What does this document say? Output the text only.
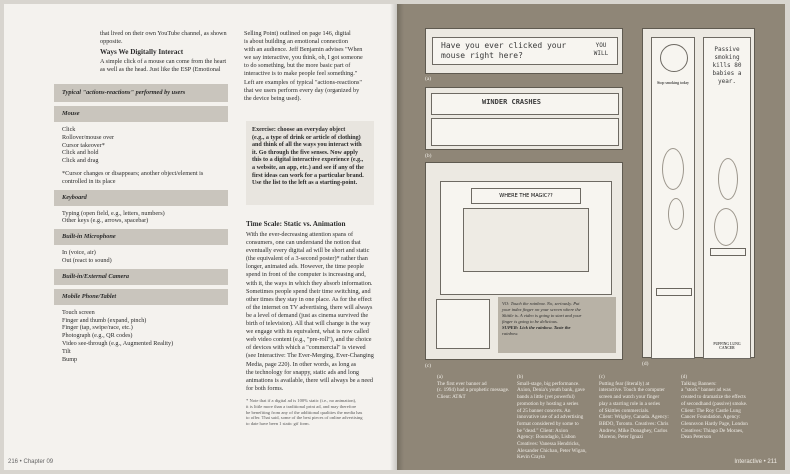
that lived on their own YouTube channel, as shown
opposite.
Ways We Digitally Interact
A simple click of a mouse can come from the heart
as well as the head. Just like the ESP (Emotional
Typical "actions-reactions" performed by users
Mouse
Click
Rollover/mouse over
Cursor takeover*
Click and hold
Click and drag
*Cursor changes or disappears; another object/element is controlled in its place
Keyboard
Typing (open field, e.g., letters, numbers)
Other keys (e.g., arrows, spacebar)
Built-in Microphone
In (voice, air)
Out (react to sound)
Built-in/External Camera
Mobile Phone/Tablet
Touch screen
Finger and thumb (expand, pinch)
Finger (tap, swipe/race, etc.)
Photograph (e.g., QR codes)
Video see-through (e.g., Augmented Reality)
Tilt
Bump
Selling Point) outlined on page 146, digital
is about building an emotional connection
with an audience. Jeff Benjamin advises "When
we say interactive, you think, oh, I got someone
to do something, but the more basic part of
interactive is to make people feel something."
Left are examples of typical "actions-reactions"
that we users perform every day (organized by
the device being used).
Exercise: choose an everyday object
(e.g., a type of drink or article of clothing)
and think of all the ways you interact with
it. Go through the five senses. Now apply
this to a digital interactive experience (e.g.,
a website, an app, etc.) and see if any of the
first ideas can work for a particular brand.
Use the list to the left as a starting-point.
Time Scale: Static vs. Animation
With the ever-decreasing attention spans of
consumers, one can understand the notion that
eventually every digital ad will be short and static
(the equivalent of a 3-second poster)* rather than
longer, animated ads. However, the time people
spend in front of the computer is increasing and,
with it, the ways in which they absorb information.
Sometimes people spend their time switching, and
other times they stay in one place. As for the effect
of the internet on TV advertising, there will always
be a level of demand (just as cinema survived the
birth of television). All that will change is the way
we engage with its equivalent, what is now called
web video content (e.g., "pre-roll"), and the choice
of devices with which a "commercial" is viewed
(see Interactive: The Ever-Merging, Ever-Changing
Media, page 220). In other words, as long as
the technology for snappy, static ads and long
animations is available, there will always be a need
for both forms.
* Note that if a digital ad is 100% static (i.e., no animation),
it is little more than a traditional print ad, and may therefore
be benefiting from any of the additional qualities the media has
to offer. That said, some of the best pieces of online advertising
to date have been 1 static gif form.
216 • Chapter 09
Have you ever clicked your mouse right here?
YOU WILL
(a)
WINDER CRASHES
(b)
WHERE THE MAGIC??
VO: Touch the rainbow. No, seriously. Put
your index finger on your screen where the
Skittle is. A video is going to start and your
finger is going to be delicious.
SUPER: Lick the rainbow. Taste the
rainbow.
(c)
Stop smoking today
Passive smoking kills 80 babies a year.
PUFFING LUNG CANCER
(d)
(a)
The first ever banner ad
(c. 1994) had a prophetic message.
Client: AT&T
(b)
Small-stage, big performance.
Axion, Denia's youth bank, gave
bands a little (yet powerful)
promotion by hosting a series
of 25 banner concerts. An
innovative use of ad advertising
format considered by some to
be "dead." Client: Axion
Agency: Boundaglo, Lisbon
Creatives: Vanessa Hendricks,
Alexander Chichan, Peter Wigan,
Kevin Crayta
(c)
Putting fear (literally) at
interactive. Touch the computer
screen and watch your finger
play a starring role in a series
of Skittles commercials.
Client: Wrigley, Canada. Agency:
BBDO, Toronto. Creatives: Chris
Andrew, Mike Donaghey, Carlos
Moreno, Peter Ignazi
(d)
Talking Banners:
a "stock" banner ad was
created to dramatize the effects
of secondhand (passive) smoke.
Client: The Roy Castle Lung
Cancer Foundation. Agency:
Glennsvon Hardy Page, London
Creatives: Thiago De Moraes,
Dean Peterson
Interactive • 211
